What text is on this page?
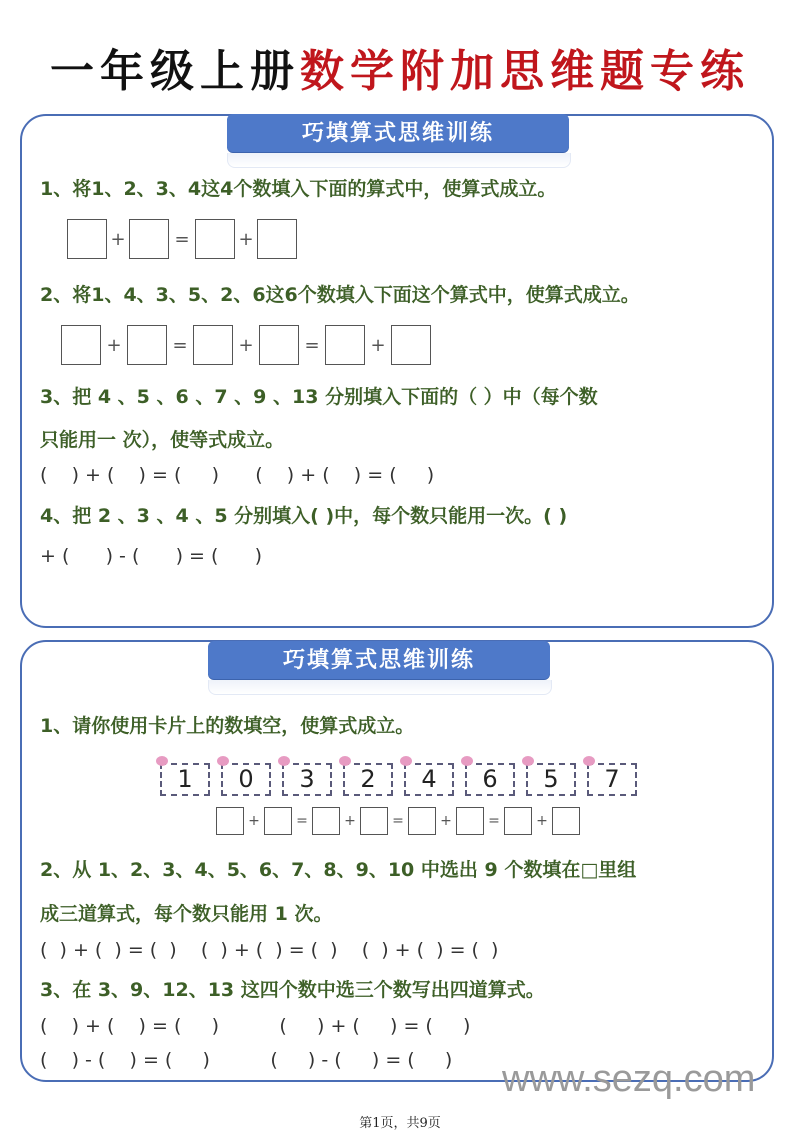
一年级上册数学附加思维题专练
巧填算式思维训练
1、将1、2、3、4这4个数填入下面的算式中，使算式成立。
+	=	+
2、将1、4、3、5、2、6这6个数填入下面这个算式中，使算式成立。
+	=	+	=	+
3、把 4 、5 、6 、7 、9 、13 分别填入下面的（ ）中（每个数
只能用一 次），使等式成立。
(    ) + (    ) = (     )      (    ) + (    ) = (     )
4、把 2 、3 、4 、5 分别填入( )中，每个数只能用一次。( )
+ (      ) - (      ) = (      )
巧填算式思维训练
1、请你使用卡片上的数填空，使算式成立。
1	0	3	2	4	6	5	7
+	=	+	=	+	=	+
2、从 1、2、3、4、5、6、7、8、9、10 中选出 9 个数填在□里组
成三道算式，每个数只能用 1 次。
(  ) + (  ) = (  )    (  ) + (  ) = (  )    (  ) + (  ) = (  )
3、在 3、9、12、13 这四个数中选三个数写出四道算式。
(    ) + (    ) = (     )          (     ) + (     ) = (     )
(    ) - (    ) = (     )          (     ) - (     ) = (     ) www.sezq.com
第1页，共9页
